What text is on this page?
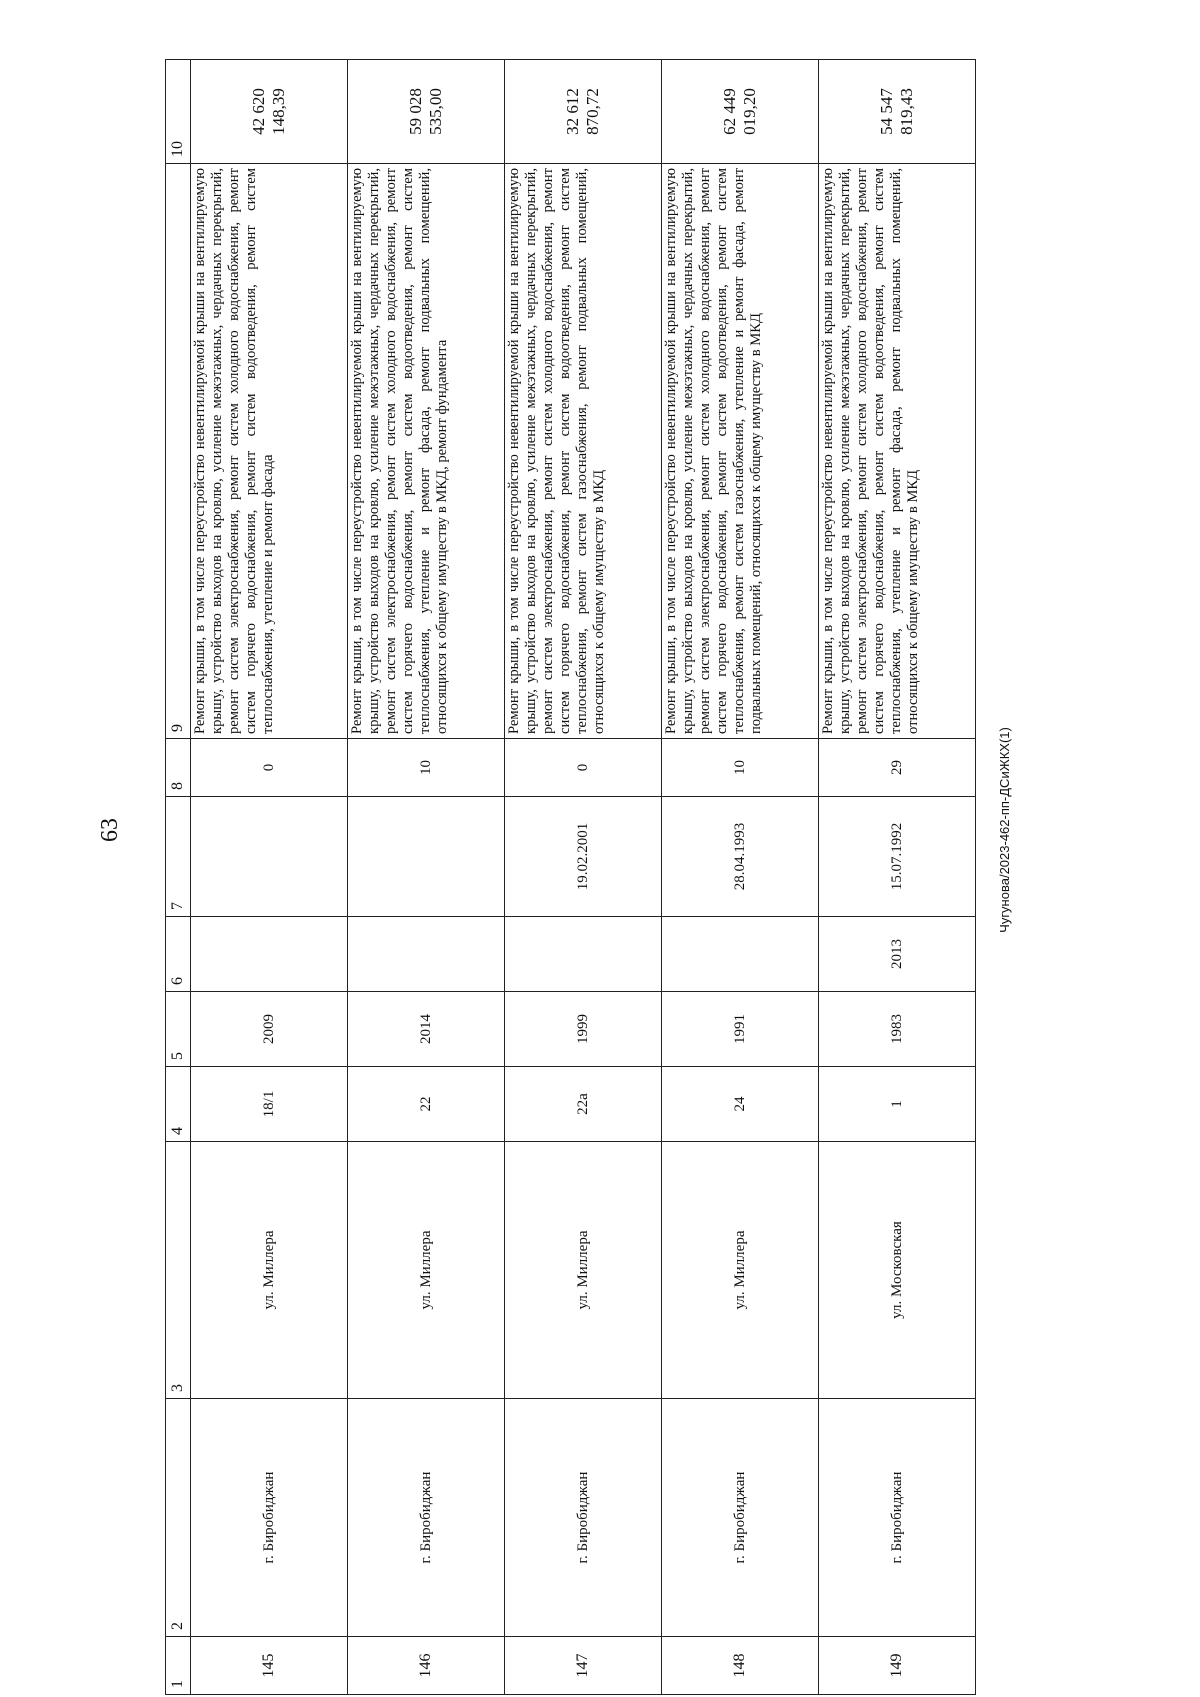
63
1	2	3	4	5	6	7	8	9	10
145	г. Биробиджан	ул. Миллера	18/1	2009			0	Ремонт крыши, в том числе переустройство невентилируемой крыши на вентилируемую крышу, устройство выходов на кровлю, усиление межэтажных, чердачных перекрытий, ремонт систем электроснабжения, ремонт систем холодного водоснабжения, ремонт систем горячего водоснабжения, ремонт систем водоотведения, ремонт систем теплоснабжения, утепление и ремонт фасада	42 620 148,39
146	г. Биробиджан	ул. Миллера	22	2014			10	Ремонт крыши, в том числе переустройство невентилируемой крыши на вентилируемую крышу, устройство выходов на кровлю, усиление межэтажных, чердачных перекрытий, ремонт систем электроснабжения, ремонт систем холодного водоснабжения, ремонт систем горячего водоснабжения, ремонт систем водоотведения, ремонт систем теплоснабжения, утепление и ремонт фасада, ремонт подвальных помещений, относящихся к общему имуществу в МКД, ремонт фундамента	59 028 535,00
147	г. Биробиджан	ул. Миллера	22а	1999		19.02.2001	0	Ремонт крыши, в том числе переустройство невентилируемой крыши на вентилируемую крышу, устройство выходов на кровлю, усиление межэтажных, чердачных перекрытий, ремонт систем электроснабжения, ремонт систем холодного водоснабжения, ремонт систем горячего водоснабжения, ремонт систем водоотведения, ремонт систем теплоснабжения, ремонт систем газоснабжения, ремонт подвальных помещений, относящихся к общему имуществу в МКД	32 612 870,72
148	г. Биробиджан	ул. Миллера	24	1991		28.04.1993	10	Ремонт крыши, в том числе переустройство невентилируемой крыши на вентилируемую крышу, устройство выходов на кровлю, усиление межэтажных, чердачных перекрытий, ремонт систем электроснабжения, ремонт систем холодного водоснабжения, ремонт систем горячего водоснабжения, ремонт систем водоотведения, ремонт систем теплоснабжения, ремонт систем газоснабжения, утепление и ремонт фасада, ремонт подвальных помещений, относящихся к общему имуществу в МКД	62 449 019,20
149	г. Биробиджан	ул. Московская	1	1983	2013	15.07.1992	29	Ремонт крыши, в том числе переустройство невентилируемой крыши на вентилируемую крышу, устройство выходов на кровлю, усиление межэтажных, чердачных перекрытий, ремонт систем электроснабжения, ремонт систем холодного водоснабжения, ремонт систем горячего водоснабжения, ремонт систем водоотведения, ремонт систем теплоснабжения, утепление и ремонт фасада, ремонт подвальных помещений, относящихся к общему имуществу в МКД	54 547 819,43
Чугунова/2023-462-пп-ДСиЖКХ(1)
